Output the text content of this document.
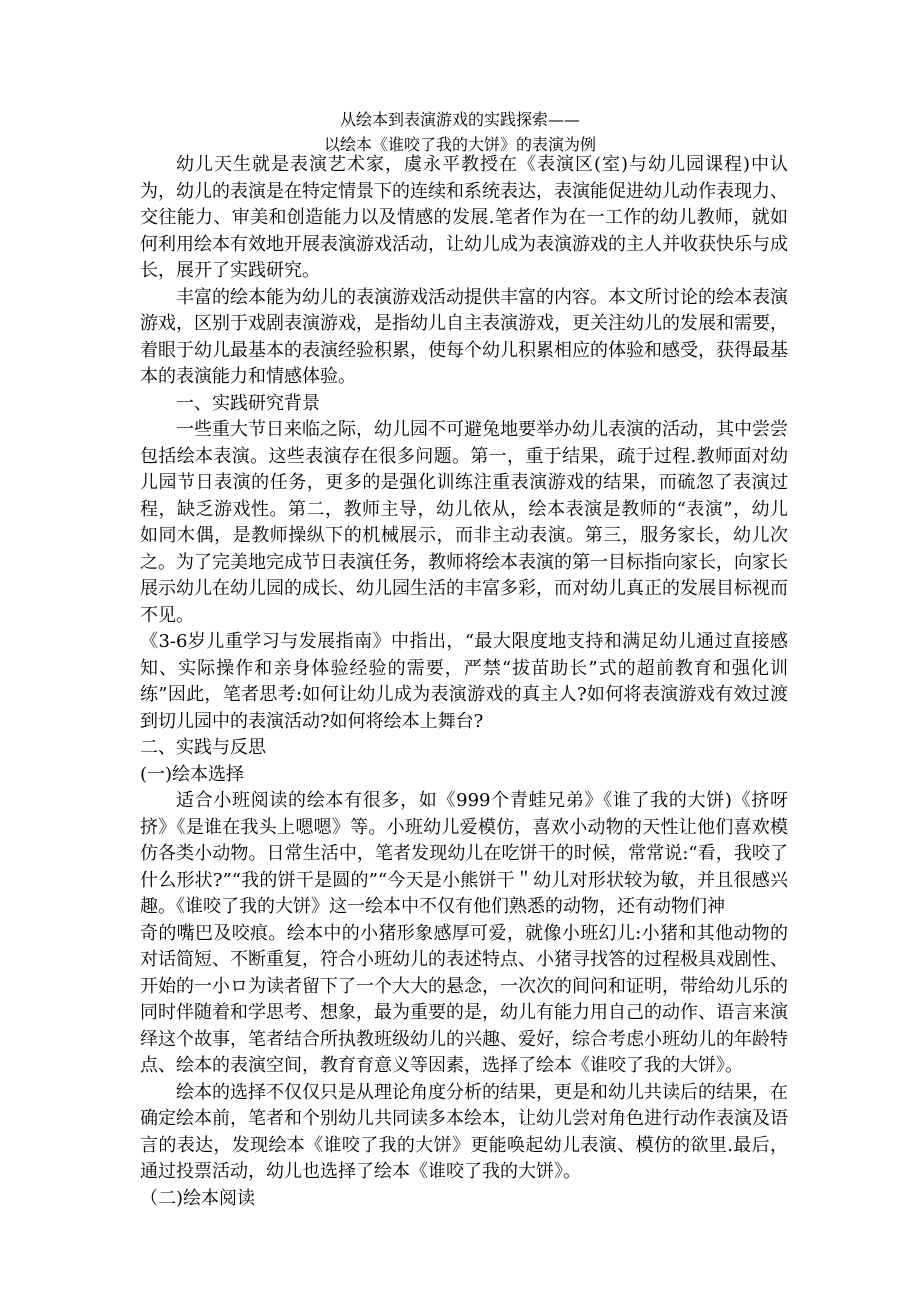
从绘本到表演游戏的实践探索——
以绘本《谁咬了我的大饼》的表演为例

幼儿天生就是表演艺术家，虞永平教授在《表演区(室)与幼儿园课程)中认为，幼儿的表演是在特定情景下的连续和系统表达，表演能促进幼儿动作表现力、交往能力、审美和创造能力以及情感的发展.笔者作为在一工作的幼儿教师，就如何利用绘本有效地开展表演游戏活动，让幼儿成为表演游戏的主人并收获快乐与成长，展开了实践研究。

丰富的绘本能为幼儿的表演游戏活动提供丰富的内容。本文所讨论的绘本表演游戏，区别于戏剧表演游戏，是指幼儿自主表演游戏，更关注幼儿的发展和需要，着眼于幼儿最基本的表演经验积累，使每个幼儿积累相应的体验和感受，获得最基本的表演能力和情感体验。

一、实践研究背景

一些重大节日来临之际，幼儿园不可避兔地要举办幼儿表演的活动，其中尝尝包括绘本表演。这些表演存在很多问题。第一，重于结果，疏于过程.教师面对幼儿园节日表演的任务，更多的是强化训练注重表演游戏的结果，而硫忽了表演过程，缺乏游戏性。第二，教师主导，幼儿依从，绘本表演是教师的“表演”，幼儿如同木偶，是教师操纵下的机械展示，而非主动表演。第三，服务家长，幼儿次之。为了完美地完成节日表演任务，教师将绘本表演的第一目标指向家长，向家长展示幼儿在幼儿园的成长、幼儿园生活的丰富多彩，而对幼儿真正的发展目标视而不见。

《3-6岁儿重学习与发展指南》中指出，“最大限度地支持和满足幼儿通过直接感知、实际操作和亲身体验经验的需要，严禁“拔苗助长”式的超前教育和强化训练”因此，笔者思考:如何让幼儿成为表演游戏的真主人?如何将表演游戏有效过渡到切儿园中的表演活动?如何将绘本上舞台?

二、实践与反思

(一)绘本选择

适合小班阅读的绘本有很多，如《999个青蛙兄弟》《谁了我的大饼)《挤呀挤》《是谁在我头上嗯嗯》等。小班幼儿爱模仿，喜欢小动物的天性让他们喜欢模仿各类小动物。日常生活中，笔者发现幼儿在吃饼干的时候，常常说:“看，我咬了什么形状?”“我的饼干是圆的”“今天是小熊饼干＂幼儿对形状较为敏，并且很感兴趣。《谁咬了我的大饼》这一绘本中不仅有他们熟悉的动物，还有动物们神

奇的嘴巴及咬痕。绘本中的小猪形象感厚可爱，就像小班幻儿:小猪和其他动物的对话简短、不断重复，符合小班幼儿的表述特点、小猪寻找答的过程极具戏剧性、开始的一小ロ为读者留下了一个大大的悬念，一次次的间问和证明，带给幼儿乐的同时伴随着和学思考、想象，最为重要的是，幼儿有能力用自己的动作、语言来演绎这个故事，笔者结合所执教班级幼儿的兴趣、爱好，综合考虑小班幼儿的年龄特点、绘本的表演空间，教育育意义等因素，选择了绘本《谁咬了我的大饼》。

绘本的选择不仅仅只是从理论角度分析的结果，更是和幼儿共读后的结果，在确定绘本前，笔者和个别幼儿共同读多本绘本，让幼儿尝对角色进行动作表演及语言的表达，发现绘本《谁咬了我的大饼》更能唤起幼儿表演、模仿的欲里.最后，通过投票活动，幼儿也选择了绘本《谁咬了我的大饼》。

（二)绘本阅读
